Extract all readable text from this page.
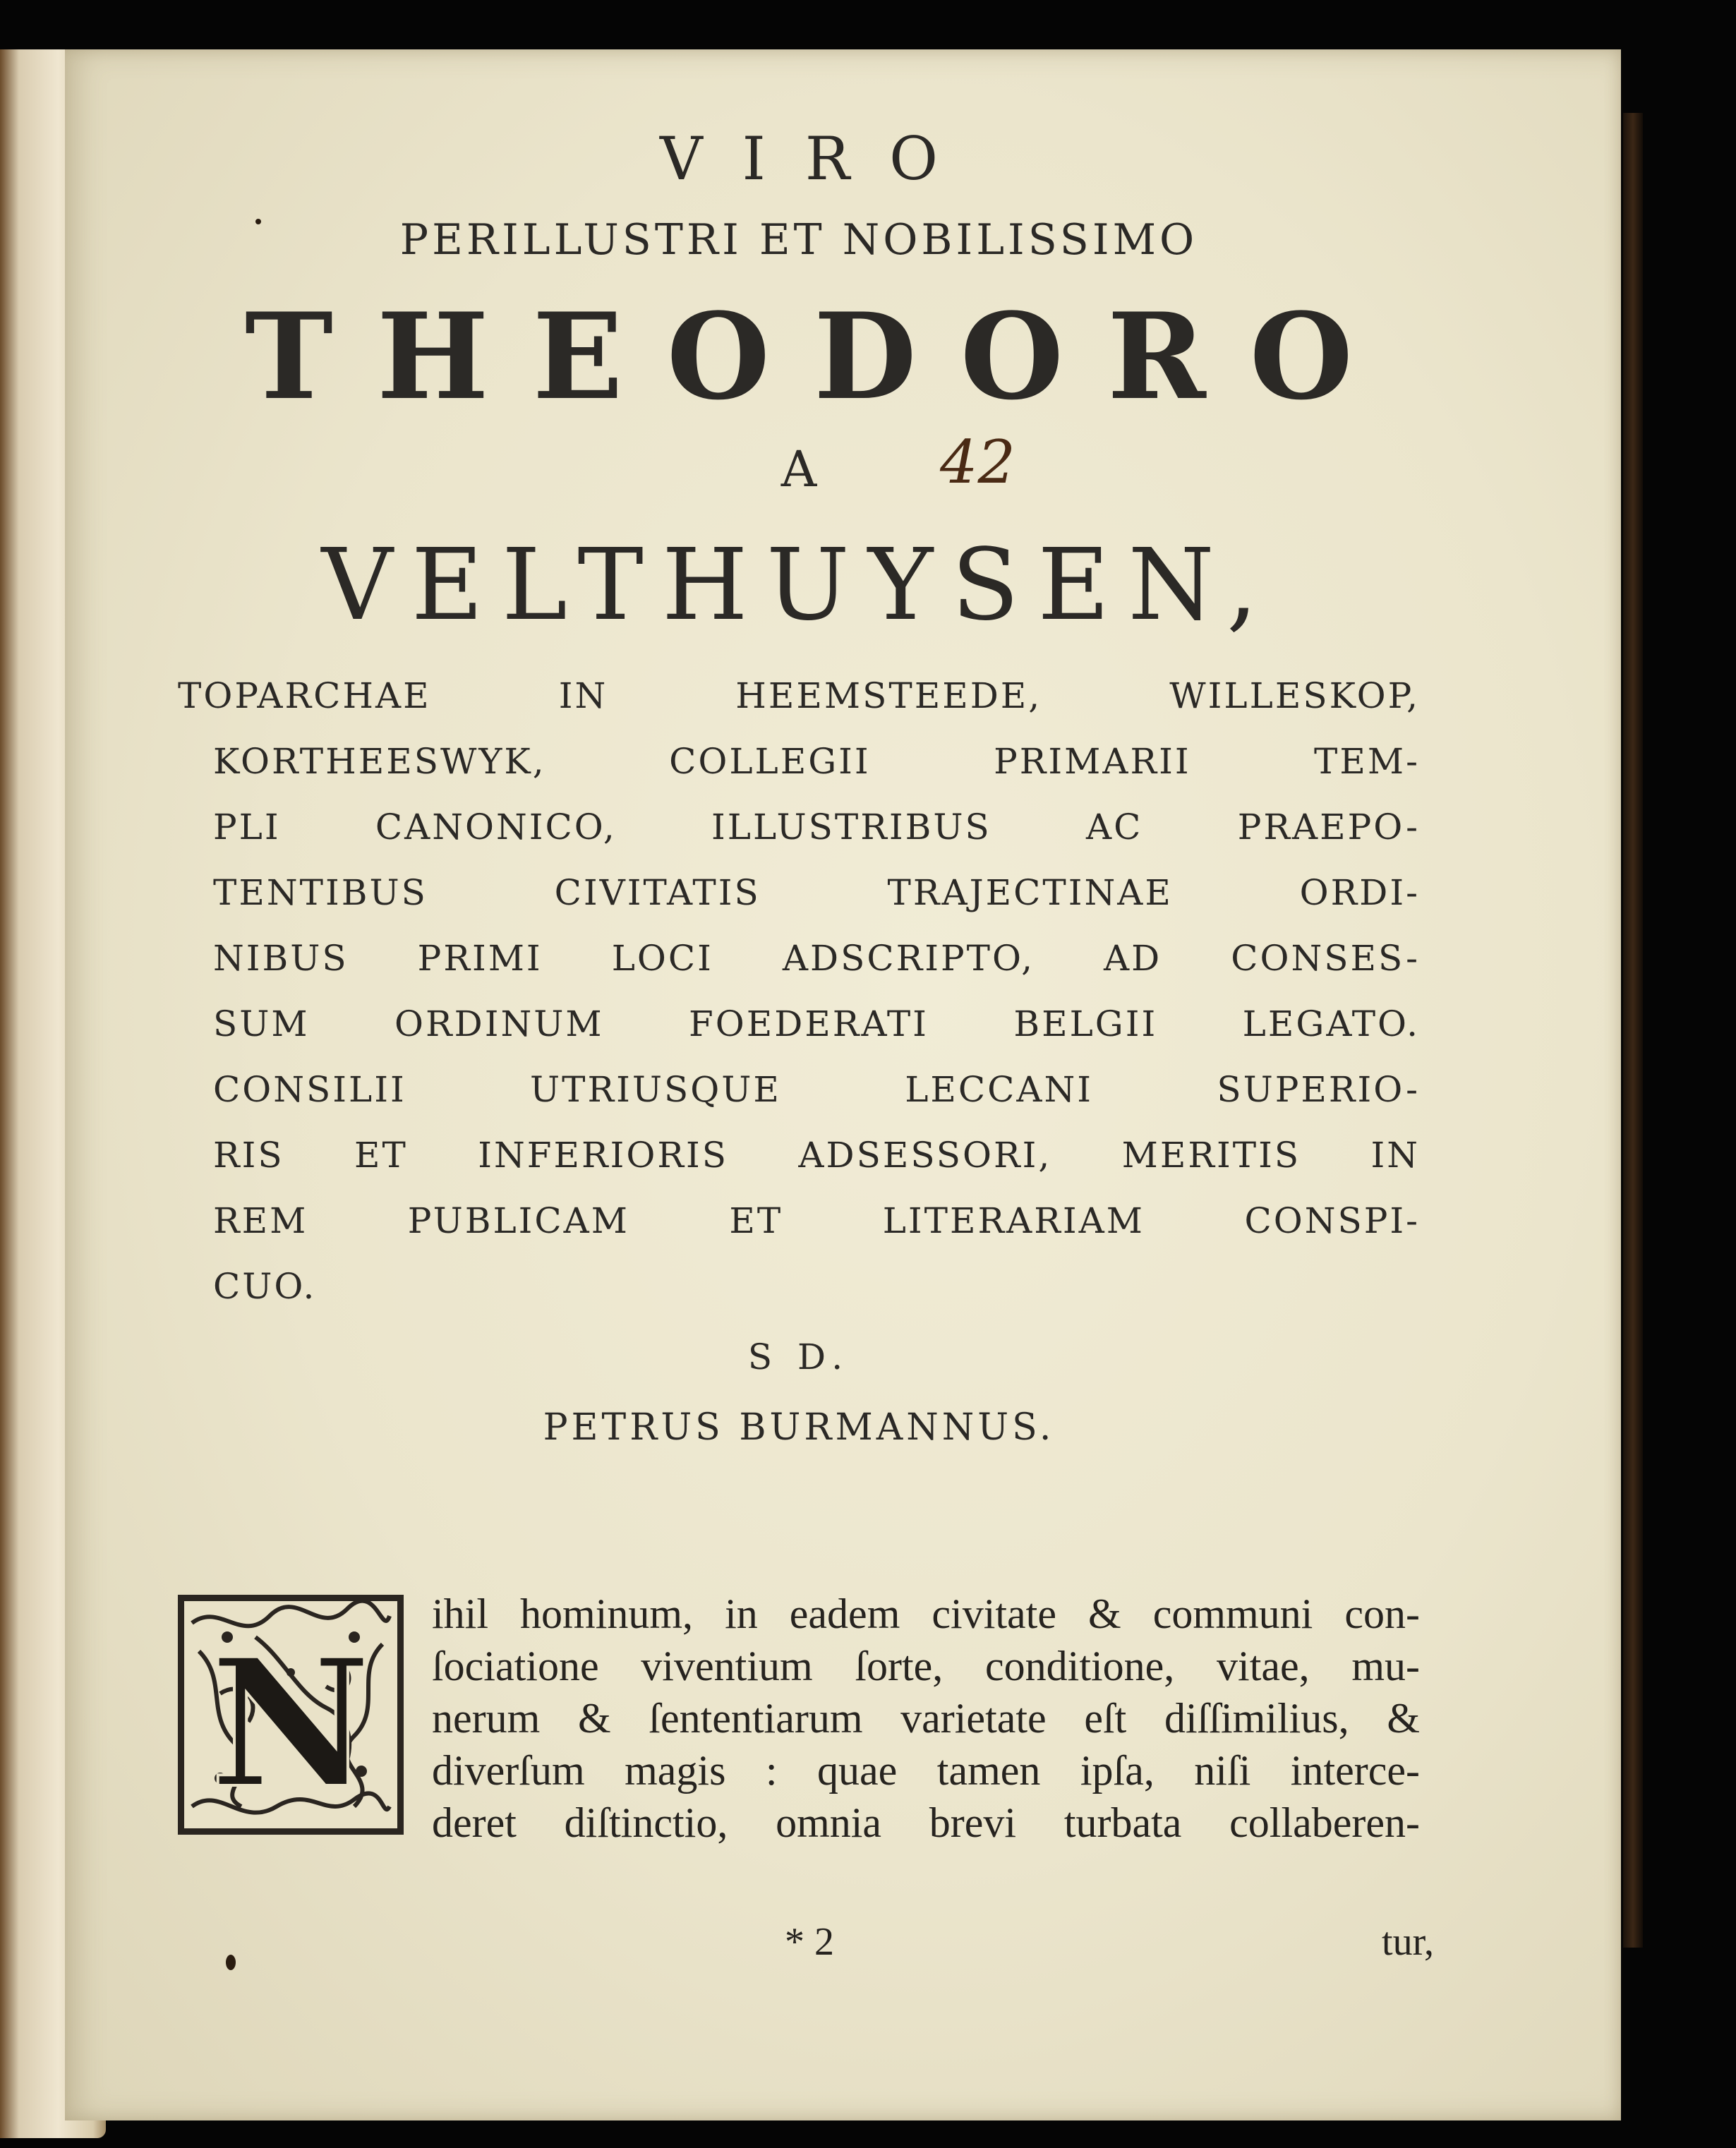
VIRO
PERILLUSTRI ET NOBILISSIMO
THEODORO
A 42
VELTHUYSEN,
TOPARCHAE IN HEEMSTEEDE, WILLESKOP,
KORTHEESWYK, COLLEGII PRIMARII TEM-
PLI CANONICO, ILLUSTRIBUS AC PRAEPO-
TENTIBUS CIVITATIS TRAJECTINAE ORDI-
NIBUS PRIMI LOCI ADSCRIPTO, AD CONSES-
SUM ORDINUM FOEDERATI BELGII LEGATO.
CONSILII UTRIUSQUE LECCANI SUPERIO-
RIS ET INFERIORIS ADSESSORI, MERITIS IN
REM PUBLICAM ET LITERARIAM CONSPI-
CUO.
S D.
PETRUS BURMANNUS.
N
ihil hominum, in eadem civitate & communi con-
ſociatione viventium ſorte, conditione, vitae, mu-
nerum & ſententiarum varietate eſt diſſimilius, &
diverſum magis : quae tamen ipſa, niſi interce-
deret diſtinctio, omnia brevi turbata collaberen-
* 2	tur,
